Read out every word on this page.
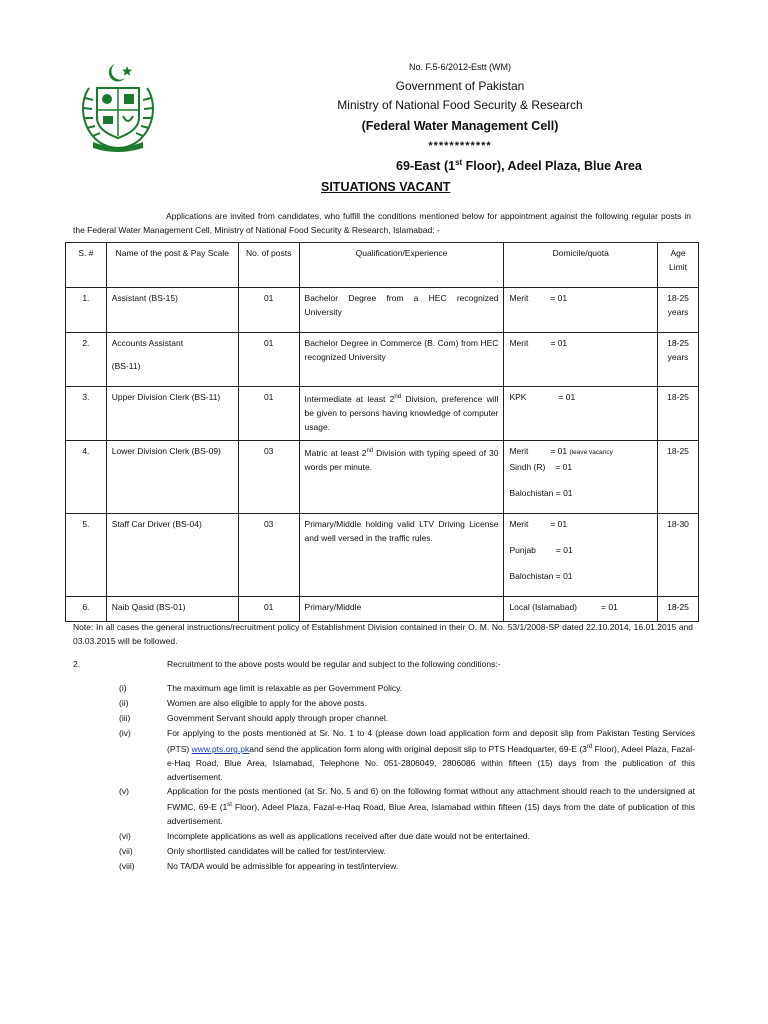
No. F.5-6/2012-Estt (WM)
Government of Pakistan
Ministry of National Food Security & Research
(Federal Water Management Cell)
************
69-East (1st Floor), Adeel Plaza, Blue Area
SITUATIONS VACANT
Applications are invited from candidates, who fulfill the conditions mentioned below for appointment against the following regular posts in the Federal Water Management Cell, Ministry of National Food Security & Research, Islamabad: -
S. #	Name of the post & Pay Scale	No. of posts	Qualification/Experience	Domicile/quota	Age Limit
1.	Assistant (BS-15)	01	Bachelor Degree from a HEC recognized University	Merit = 01	18-25 years
2.	Accounts Assistant
(BS-11)	01	Bachelor Degree in Commerce (B. Com) from HEC recognized University	Merit = 01	18-25 years
3.	Upper Division Clerk (BS-11)	01	Intermediate at least 2nd Division, preference will be given to persons having knowledge of computer usage.	KPK = 01	18-25
4.	Lower Division Clerk (BS-09)	03	Matric at least 2nd Division with typing speed of 30 words per minute.	Merit = 01 (leave vacancy
Sindh (R) = 01
Balochistan = 01	18-25
5.	Staff Car Driver (BS-04)	03	Primary/Middle holding valid LTV Driving License and well versed in the traffic rules.	Merit = 01
Punjab = 01
Balochistan = 01	18-30
6.	Naib Qasid (BS-01)	01	Primary/Middle	Local (Islamabad) = 01	18-25
Note: In all cases the general instructions/recruitment policy of Establishment Division contained in their O. M. No. 53/1/2008-SP dated 22.10.2014, 16.01.2015 and 03.03.2015 will be followed.
2.	Recruitment to the above posts would be regular and subject to the following conditions:-
(i)	The maximum age limit is relaxable as per Government Policy.
(ii)	Women are also eligible to apply for the above posts.
(iii)	Government Servant should apply through proper channel.
(iv)	For applying to the posts mentioned at Sr. No. 1 to 4 (please down load application form and deposit slip from Pakistan Testing Services (PTS) www.pts.org.pkand send the application form along with original deposit slip to PTS Headquarter, 69-E (3rd Floor), Adeel Plaza, Fazal-e-Haq Road, Blue Area, Islamabad, Telephone No. 051-2806049, 2806086 within fifteen (15) days from the publication of this advertisement.
(v)	Application for the posts mentioned (at Sr. No. 5 and 6) on the following format without any attachment should reach to the undersigned at FWMC, 69-E (1st Floor), Adeel Plaza, Fazal-e-Haq Road, Blue Area, Islamabad within fifteen (15) days from the date of publication of this advertisement.
(vi)	Incomplete applications as well as applications received after due date would not be entertained.
(vii)	Only shortlisted candidates will be called for test/interview.
(viii)	No TA/DA would be admissible for appearing in test/interview.
